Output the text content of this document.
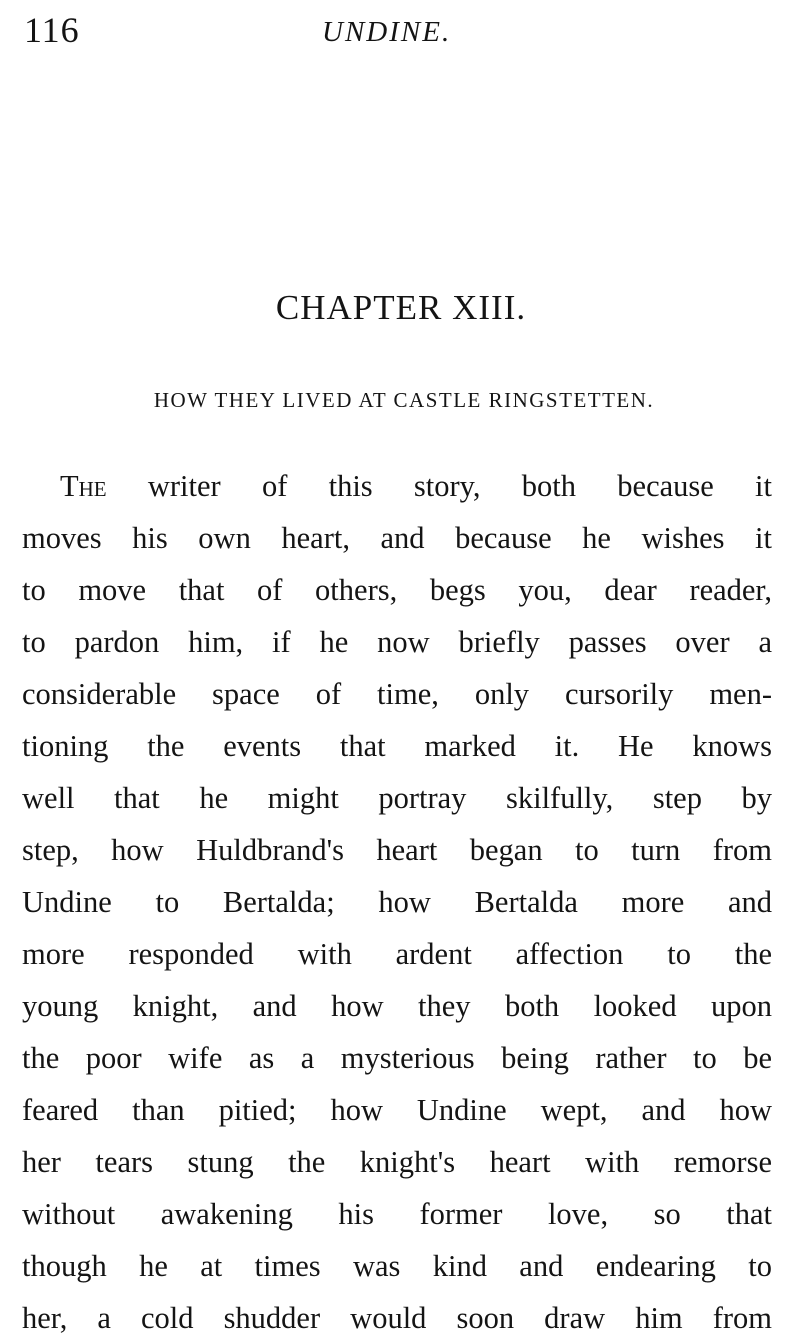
116	UNDINE.
CHAPTER XIII.
HOW THEY LIVED AT CASTLE RINGSTETTEN.
The writer of this story, both because it
moves his own heart, and because he wishes it
to move that of others, begs you, dear reader,
to pardon him, if he now briefly passes over a
considerable space of time, only cursorily men-
tioning the events that marked it. He knows
well that he might portray skilfully, step by
step, how Huldbrand's heart began to turn from
Undine to Bertalda; how Bertalda more and
more responded with ardent affection to the
young knight, and how they both looked upon
the poor wife as a mysterious being rather to be
feared than pitied; how Undine wept, and how
her tears stung the knight's heart with remorse
without awakening his former love, so that
though he at times was kind and endearing to
her, a cold shudder would soon draw him from
